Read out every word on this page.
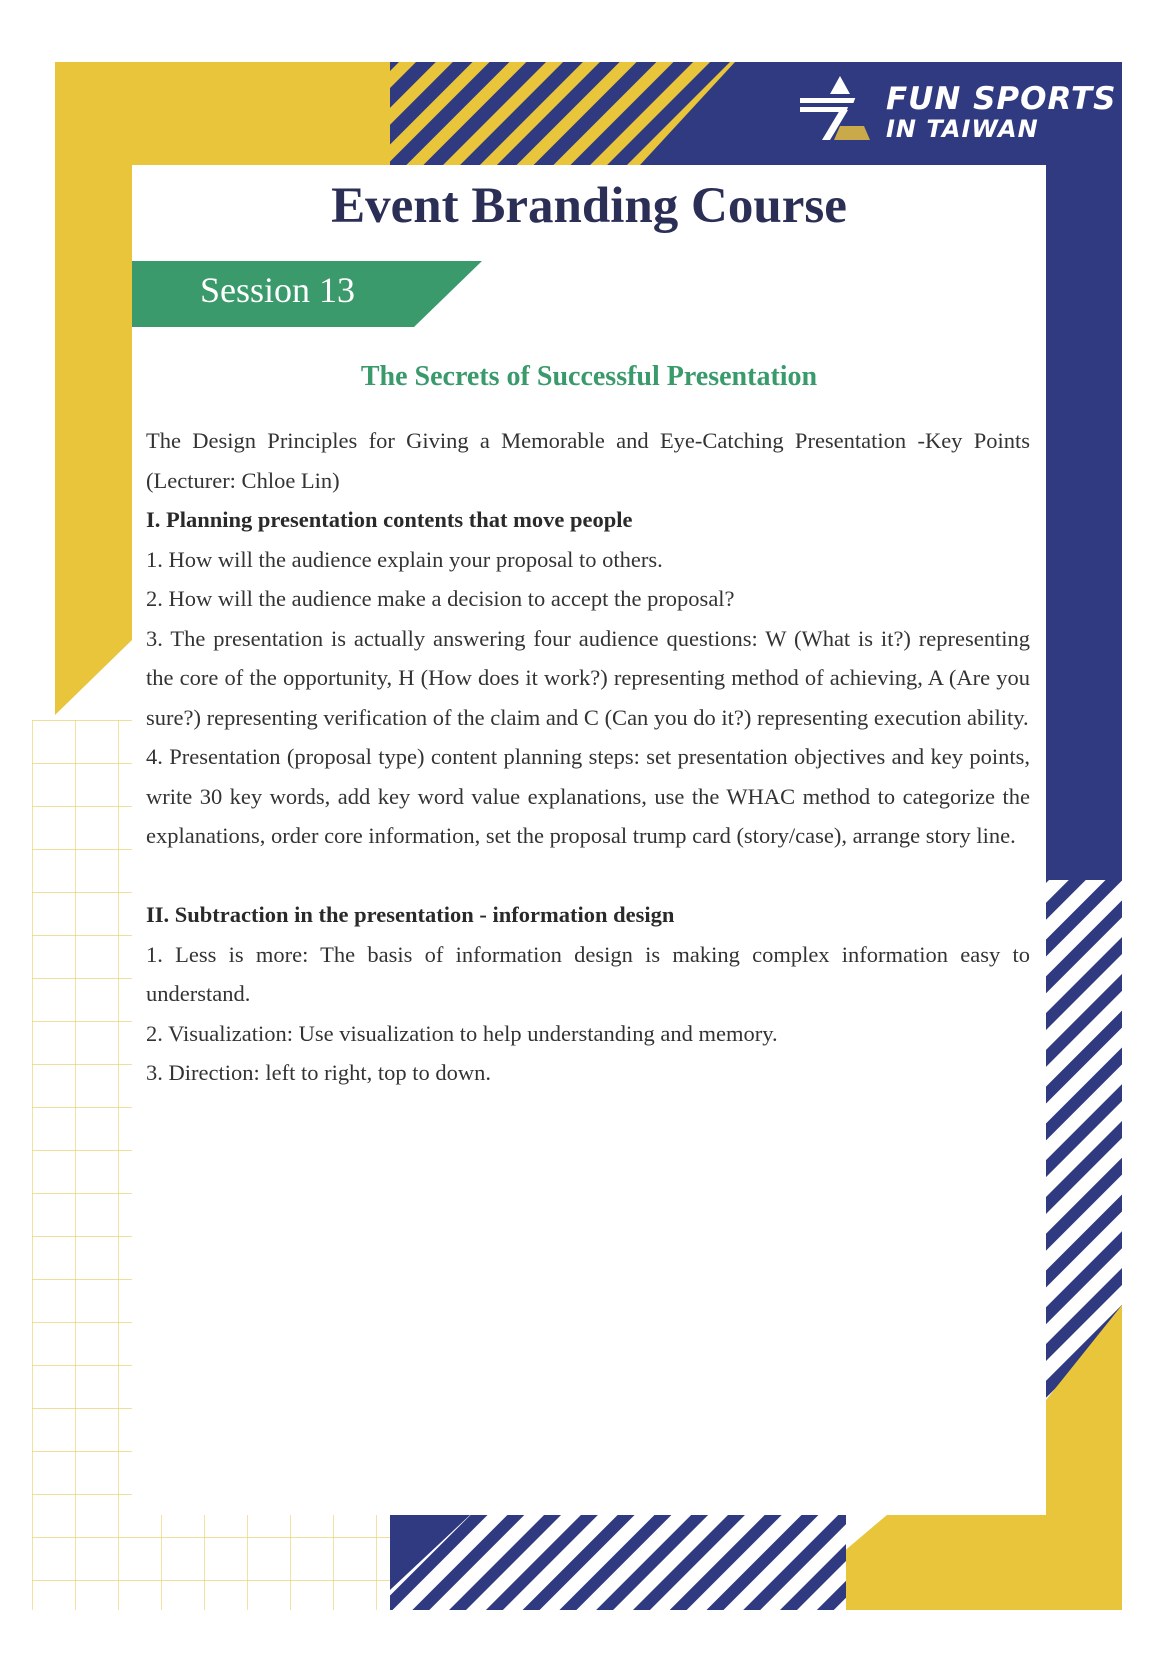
FUN SPORTS
IN TAIWAN
Event Branding Course

Session 13

The Secrets of Successful Presentation

The Design Principles for Giving a Memorable and Eye-Catching Presentation -Key Points (Lecturer: Chloe Lin)

I. Planning presentation contents that move people

1. How will the audience explain your proposal to others.

2. How will the audience make a decision to accept the proposal?

3. The presentation is actually answering four audience questions: W (What is it?) representing the core of the opportunity, H (How does it work?) representing method of achieving, A (Are you sure?) representing verification of the claim and C (Can you do it?) representing execution ability.

4. Presentation (proposal type) content planning steps: set presentation objectives and key points, write 30 key words, add key word value explanations, use the WHAC method to categorize the explanations, order core information, set the proposal trump card (story/case), arrange story line.

II. Subtraction in the presentation - information design

1. Less is more: The basis of information design is making complex information easy to understand.

2. Visualization: Use visualization to help understanding and memory.

3. Direction: left to right, top to down.
